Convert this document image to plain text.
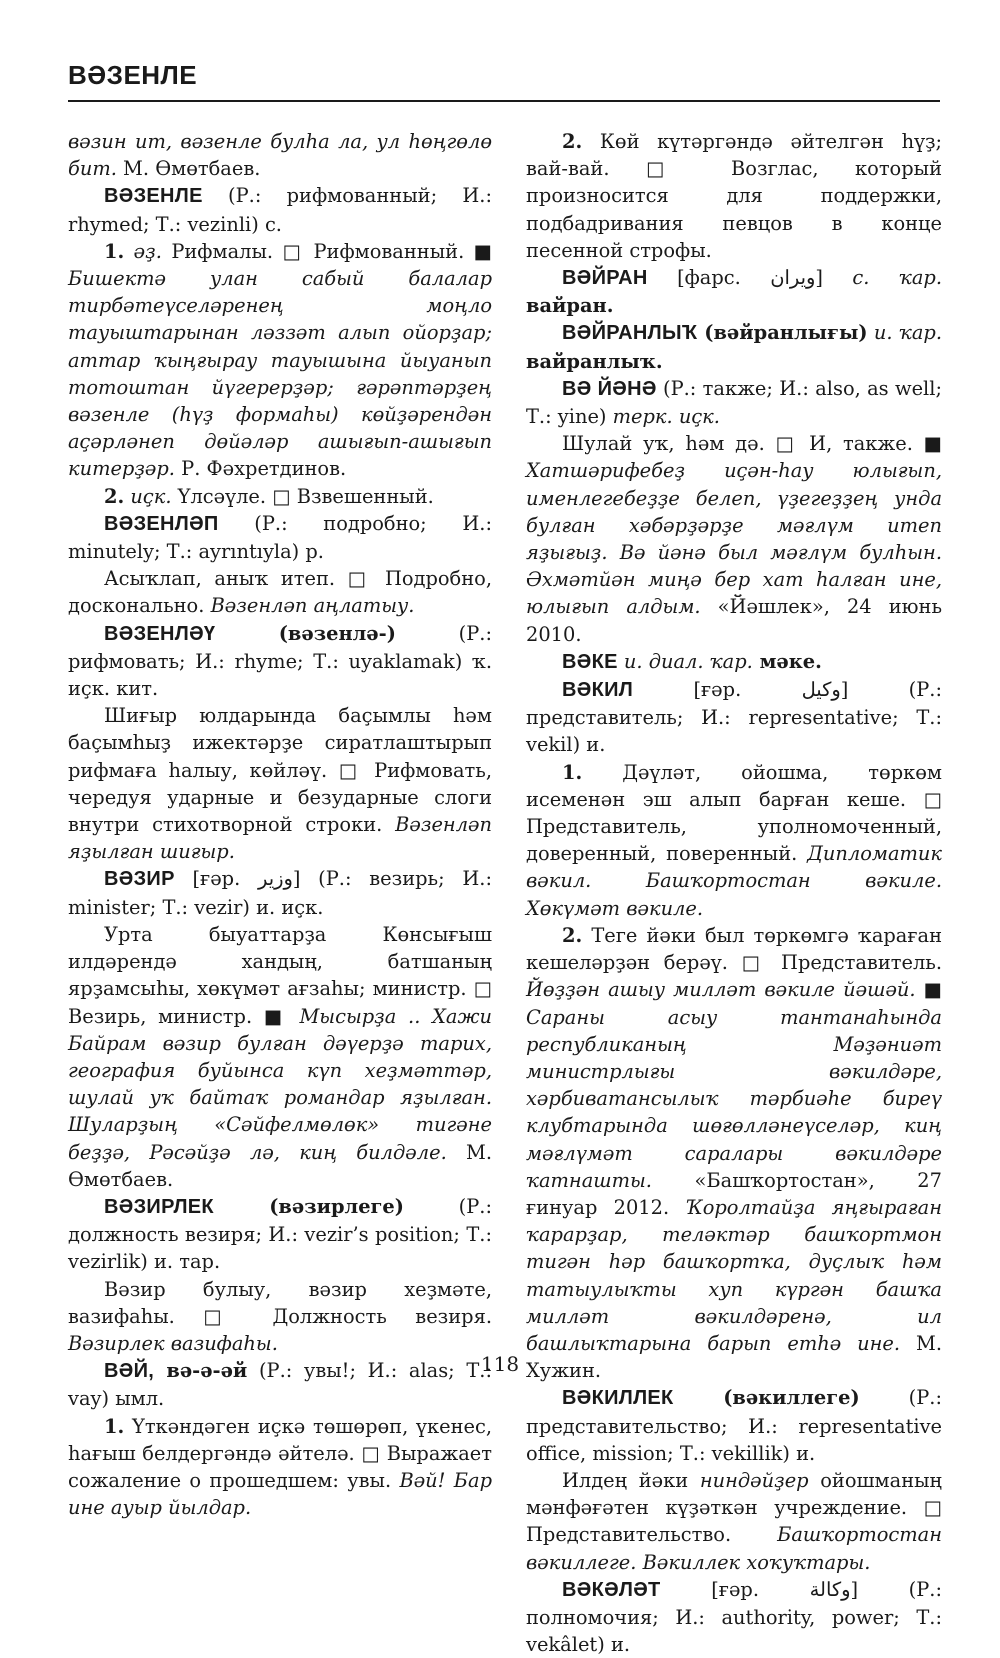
ВӘЗЕНЛЕ

вәзин ит, вәзенле булһа ла, ул һөңгөлө бит. М. Өмөтбаев.

ВӘЗЕНЛЕ (Р.: рифмованный; И.: rhymed; Т.: vezinli) с.

1. әҙ. Рифмалы. □ Рифмованный. ■ Бишектә улан сабый балалар тирбәтеүселәренең моңло тауыштарынан ләззәт алып ойорҙар; аттар ҡыңғырау тауышына йыуанып тотоштан йүгерерҙәр; ғәрәптәрҙең вәзенле (һүҙ формаһы) көйҙәрендән аҫәрләнеп дөйәләр ашығып-ашығып китерҙәр. Р. Фәхретдинов.

2. иҫк. Үлсәүле. □ Взвешенный.

ВӘЗЕНЛӘП (Р.: подробно; И.: minutely; Т.: ayrıntıyla) р.

Асыҡлап, аныҡ итеп. □ Подробно, досконально. Вәзенләп аңлатыу.

ВӘЗЕНЛӘҮ (вәзенлә-) (Р.: рифмовать; И.: rhyme; Т.: uyaklamak) ҡ. иҫк. кит.

Шиғыр юлдарында баҫымлы һәм баҫымһыҙ ижектәрҙе сиратлаштырып рифмаға һалыу, көйләү. □ Рифмовать, чередуя ударные и безударные слоги внутри стихотворной строки. Вәзенләп яҙылған шиғыр.

ВӘЗИР [ғәр. وزير] (Р.: везирь; И.: minister; Т.: vezir) и. иҫк.

Урта быуаттарҙа Көнсығыш илдәрендә хандың, батшаның ярҙамсыһы, хөкүмәт ағзаһы; министр. □ Везирь, министр. ■ Мысырҙа .. Хажи Байрам вәзир булған дәүерҙә тарих, география буйынса күп хеҙмәттәр, шулай уҡ байтаҡ романдар яҙылған. Шуларҙың «Сәйфелмөлөк» тигәне беҙҙә, Рәсәйҙә лә, киң билдәле. М. Өмөтбаев.

ВӘЗИРЛЕК (вәзирлеге) (Р.: должность везиря; И.: vezir’s position; Т.: vezirlik) и. тар.

Вәзир булыу, вәзир хеҙмәте, вазифаһы. □ Должность везиря. Вәзирлек вазифаһы.

ВӘЙ, вә-ә-әй (Р.: увы!; И.: alas; Т.: vay) ымл.

1. Үткәндәген иҫкә төшөрөп, үкенес, һағыш белдергәндә әйтелә. □ Выражает сожаление о прошедшем: увы. Вәй! Бар ине ауыр йылдар.

2. Көй күтәргәндә әйтелгән һүҙ; вай-вай. □ Возглас, который произносится для поддержки, подбадривания певцов в конце песенной строфы.

ВӘЙРАН [фарс. ويران] с. ҡар. вайран.

ВӘЙРАНЛЫҠ (вәйранлығы) и. ҡар. вайранлыҡ.

ВӘ ЙӘНӘ (Р.: также; И.: also, as well; Т.: yine) терк. иҫк.

Шулай уҡ, һәм дә. □ И, также. ■ Хатшәрифебеҙ иҫән-һау юлығып, именлегебеҙҙе белеп, үҙегеҙҙең унда булған хәбәрҙәрҙе мәғлүм итеп яҙығыҙ. Вә йәнә был мәғлүм булһын. Әхмәтйән миңә бер хат һалған ине, юлығып алдым. «Йәшлек», 24 июнь 2010.

ВӘКЕ и. диал. ҡар. мәке.

ВӘКИЛ [ғәр. وكيل] (Р.: представитель; И.: representative; Т.: vekil) и.

1. Дәүләт, ойошма, төркөм исеменән эш алып барған кеше. □ Представитель, уполномоченный, доверенный, поверенный. Дипломатик вәкил. Башҡортостан вәкиле. Хөкүмәт вәкиле.

2. Теге йәки был төркөмгә ҡараған кешеләрҙән берәү. □ Представитель. Йөҙҙән ашыу милләт вәкиле йәшәй. ■ Сараны асыу тантанаһында республиканың Мәҙәниәт министрлығы вәкилдәре, хәрбиватансылыҡ тәрбиәһе биреү клубтарында шөғөлләнеүселәр, киң мәғлүмәт саралары вәкилдәре ҡатнашты. «Башҡортостан», 27 ғинуар 2012. Ҡоролтайҙа яңғыраған ҡарарҙар, теләктәр башҡортмон тигән һәр башҡортҡа, дуҫлыҡ һәм татыулыҡты хуп күргән башҡа милләт вәкилдәренә, ил башлыҡтарына барып етһә ине. М. Хужин.

ВӘКИЛЛЕК (вәкиллеге) (Р.: представительство; И.: representative office, mission; Т.: vekillik) и.

Илдең йәки ниндәйҙер ойошманың мәнфәғәтен күҙәткән учреждение. □ Представительство. Башҡортостан вәкиллеге. Вәкиллек хоҡуҡтары.

ВӘКӘЛӘТ [ғәр. وكالة] (Р.: полномочия; И.: authority, power; Т.: vekâlet) и.

118
